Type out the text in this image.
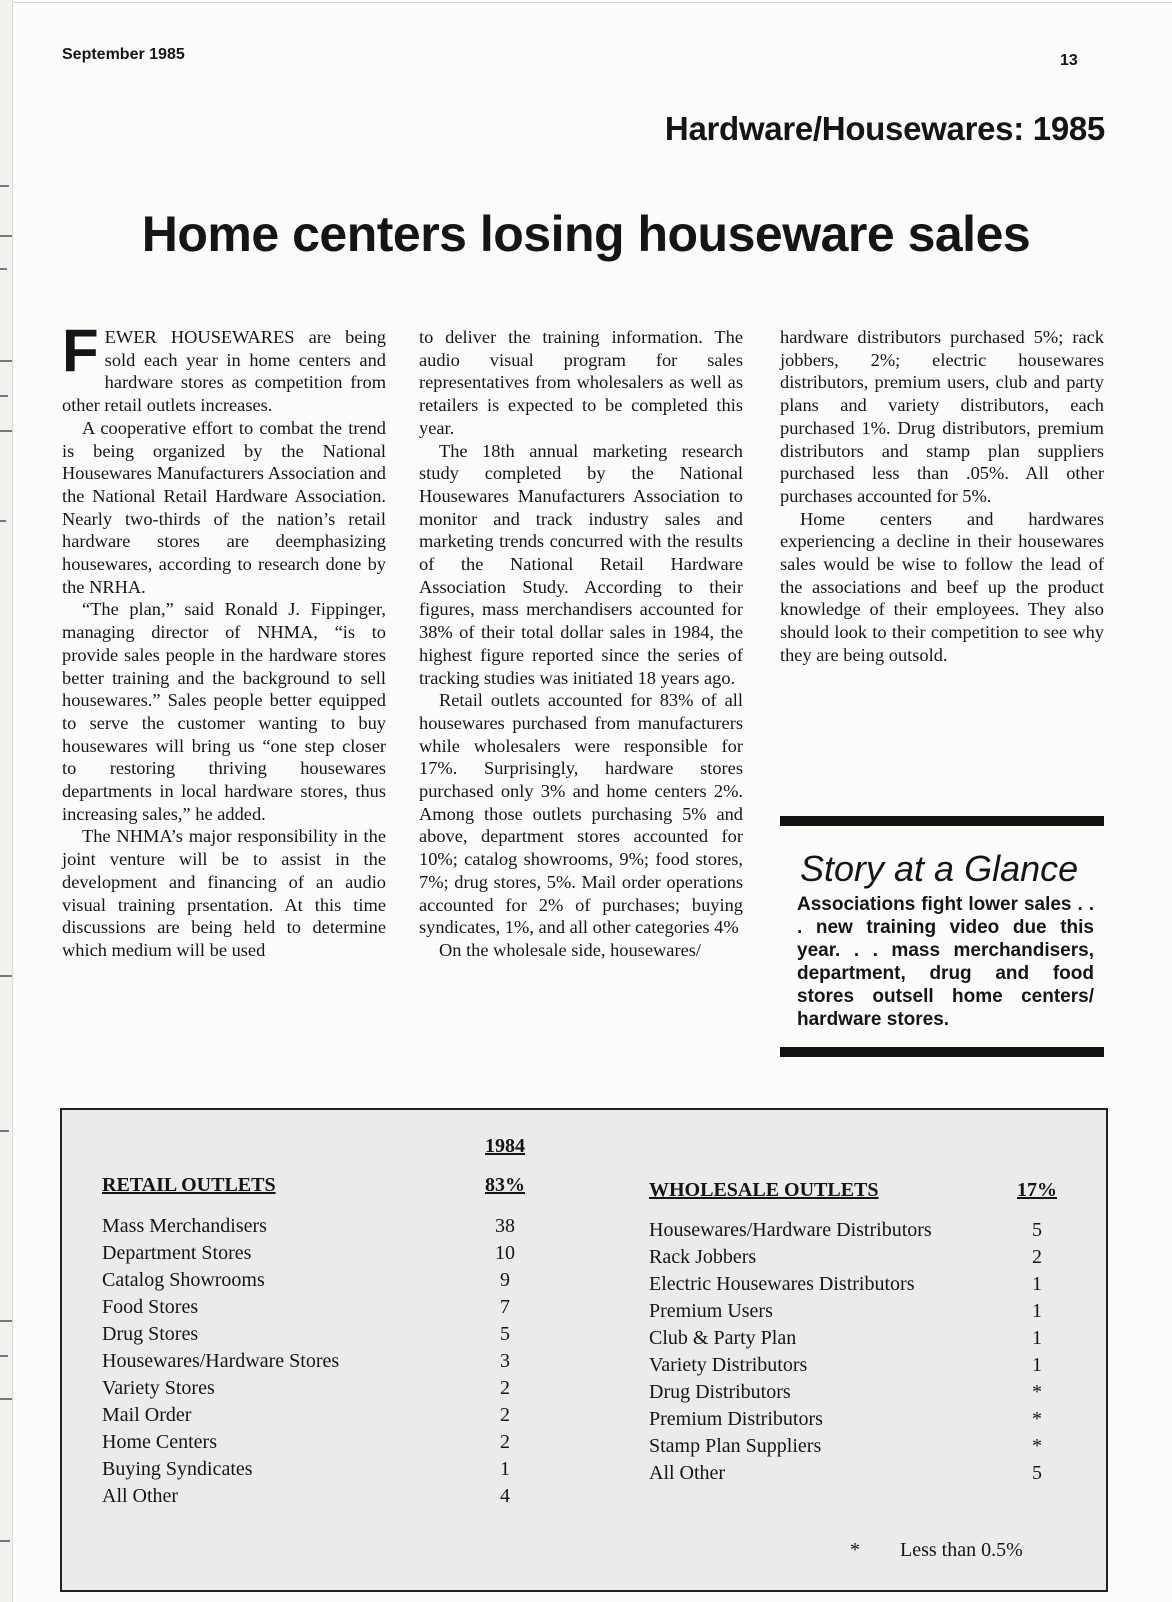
September 1985	13
Hardware/Housewares: 1985
Home centers losing houseware sales

FEWER HOUSEWARES are being sold each year in home centers and hardware stores as competition from other retail outlets increases.

A cooperative effort to combat the trend is being organized by the National Housewares Manufacturers Association and the National Retail Hardware Association. Nearly two-thirds of the nation’s retail hardware stores are deemphasizing housewares, according to research done by the NRHA.

“The plan,” said Ronald J. Fippinger, managing director of NHMA, “is to provide sales people in the hardware stores better training and the background to sell housewares.” Sales people better equipped to serve the customer wanting to buy housewares will bring us “one step closer to restoring thriving housewares departments in local hardware stores, thus increasing sales,” he added.

The NHMA’s major responsibility in the joint venture will be to assist in the development and financing of an audio visual training prsentation. At this time discussions are being held to determine which medium will be used

to deliver the training information. The audio visual program for sales representatives from wholesalers as well as retailers is expected to be completed this year.

The 18th annual marketing research study completed by the National Housewares Manufacturers Association to monitor and track industry sales and marketing trends concurred with the results of the National Retail Hardware Association Study. According to their figures, mass merchandisers accounted for 38% of their total dollar sales in 1984, the highest figure reported since the series of tracking studies was initiated 18 years ago.

Retail outlets accounted for 83% of all housewares purchased from manufacturers while wholesalers were responsible for 17%. Surprisingly, hardware stores purchased only 3% and home centers 2%. Among those outlets purchasing 5% and above, department stores accounted for 10%; catalog showrooms, 9%; food stores, 7%; drug stores, 5%. Mail order operations accounted for 2% of purchases; buying syndicates, 1%, and all other categories 4%

On the wholesale side, housewares/

hardware distributors purchased 5%; rack jobbers, 2%; electric housewares distributors, premium users, club and party plans and variety distributors, each purchased 1%. Drug distributors, premium distributors and stamp plan suppliers purchased less than .05%. All other purchases accounted for 5%.

Home centers and hardwares experiencing a decline in their housewares sales would be wise to follow the lead of the associations and beef up the product knowledge of their employees. They also should look to their competition to see why they are being outsold.

Story at a Glance
Associations fight lower sales . . . new training video due this year. . . mass merchandisers, department, drug and food stores outsell home centers/ hardware stores.
1984
RETAIL OUTLETS	83%	WHOLESALE OUTLETS	17%
Mass Merchandisers	38
Department Stores	10
Catalog Showrooms	9
Food Stores	7
Drug Stores	5
Housewares/Hardware Stores	3
Variety Stores	2
Mail Order	2
Home Centers	2
Buying Syndicates	1
All Other	4
Housewares/Hardware Distributors	5
Rack Jobbers	2
Electric Housewares Distributors	1
Premium Users	1
Club & Party Plan	1
Variety Distributors	1
Drug Distributors	*
Premium Distributors	*
Stamp Plan Suppliers	*
All Other	5
* Less than 0.5%
